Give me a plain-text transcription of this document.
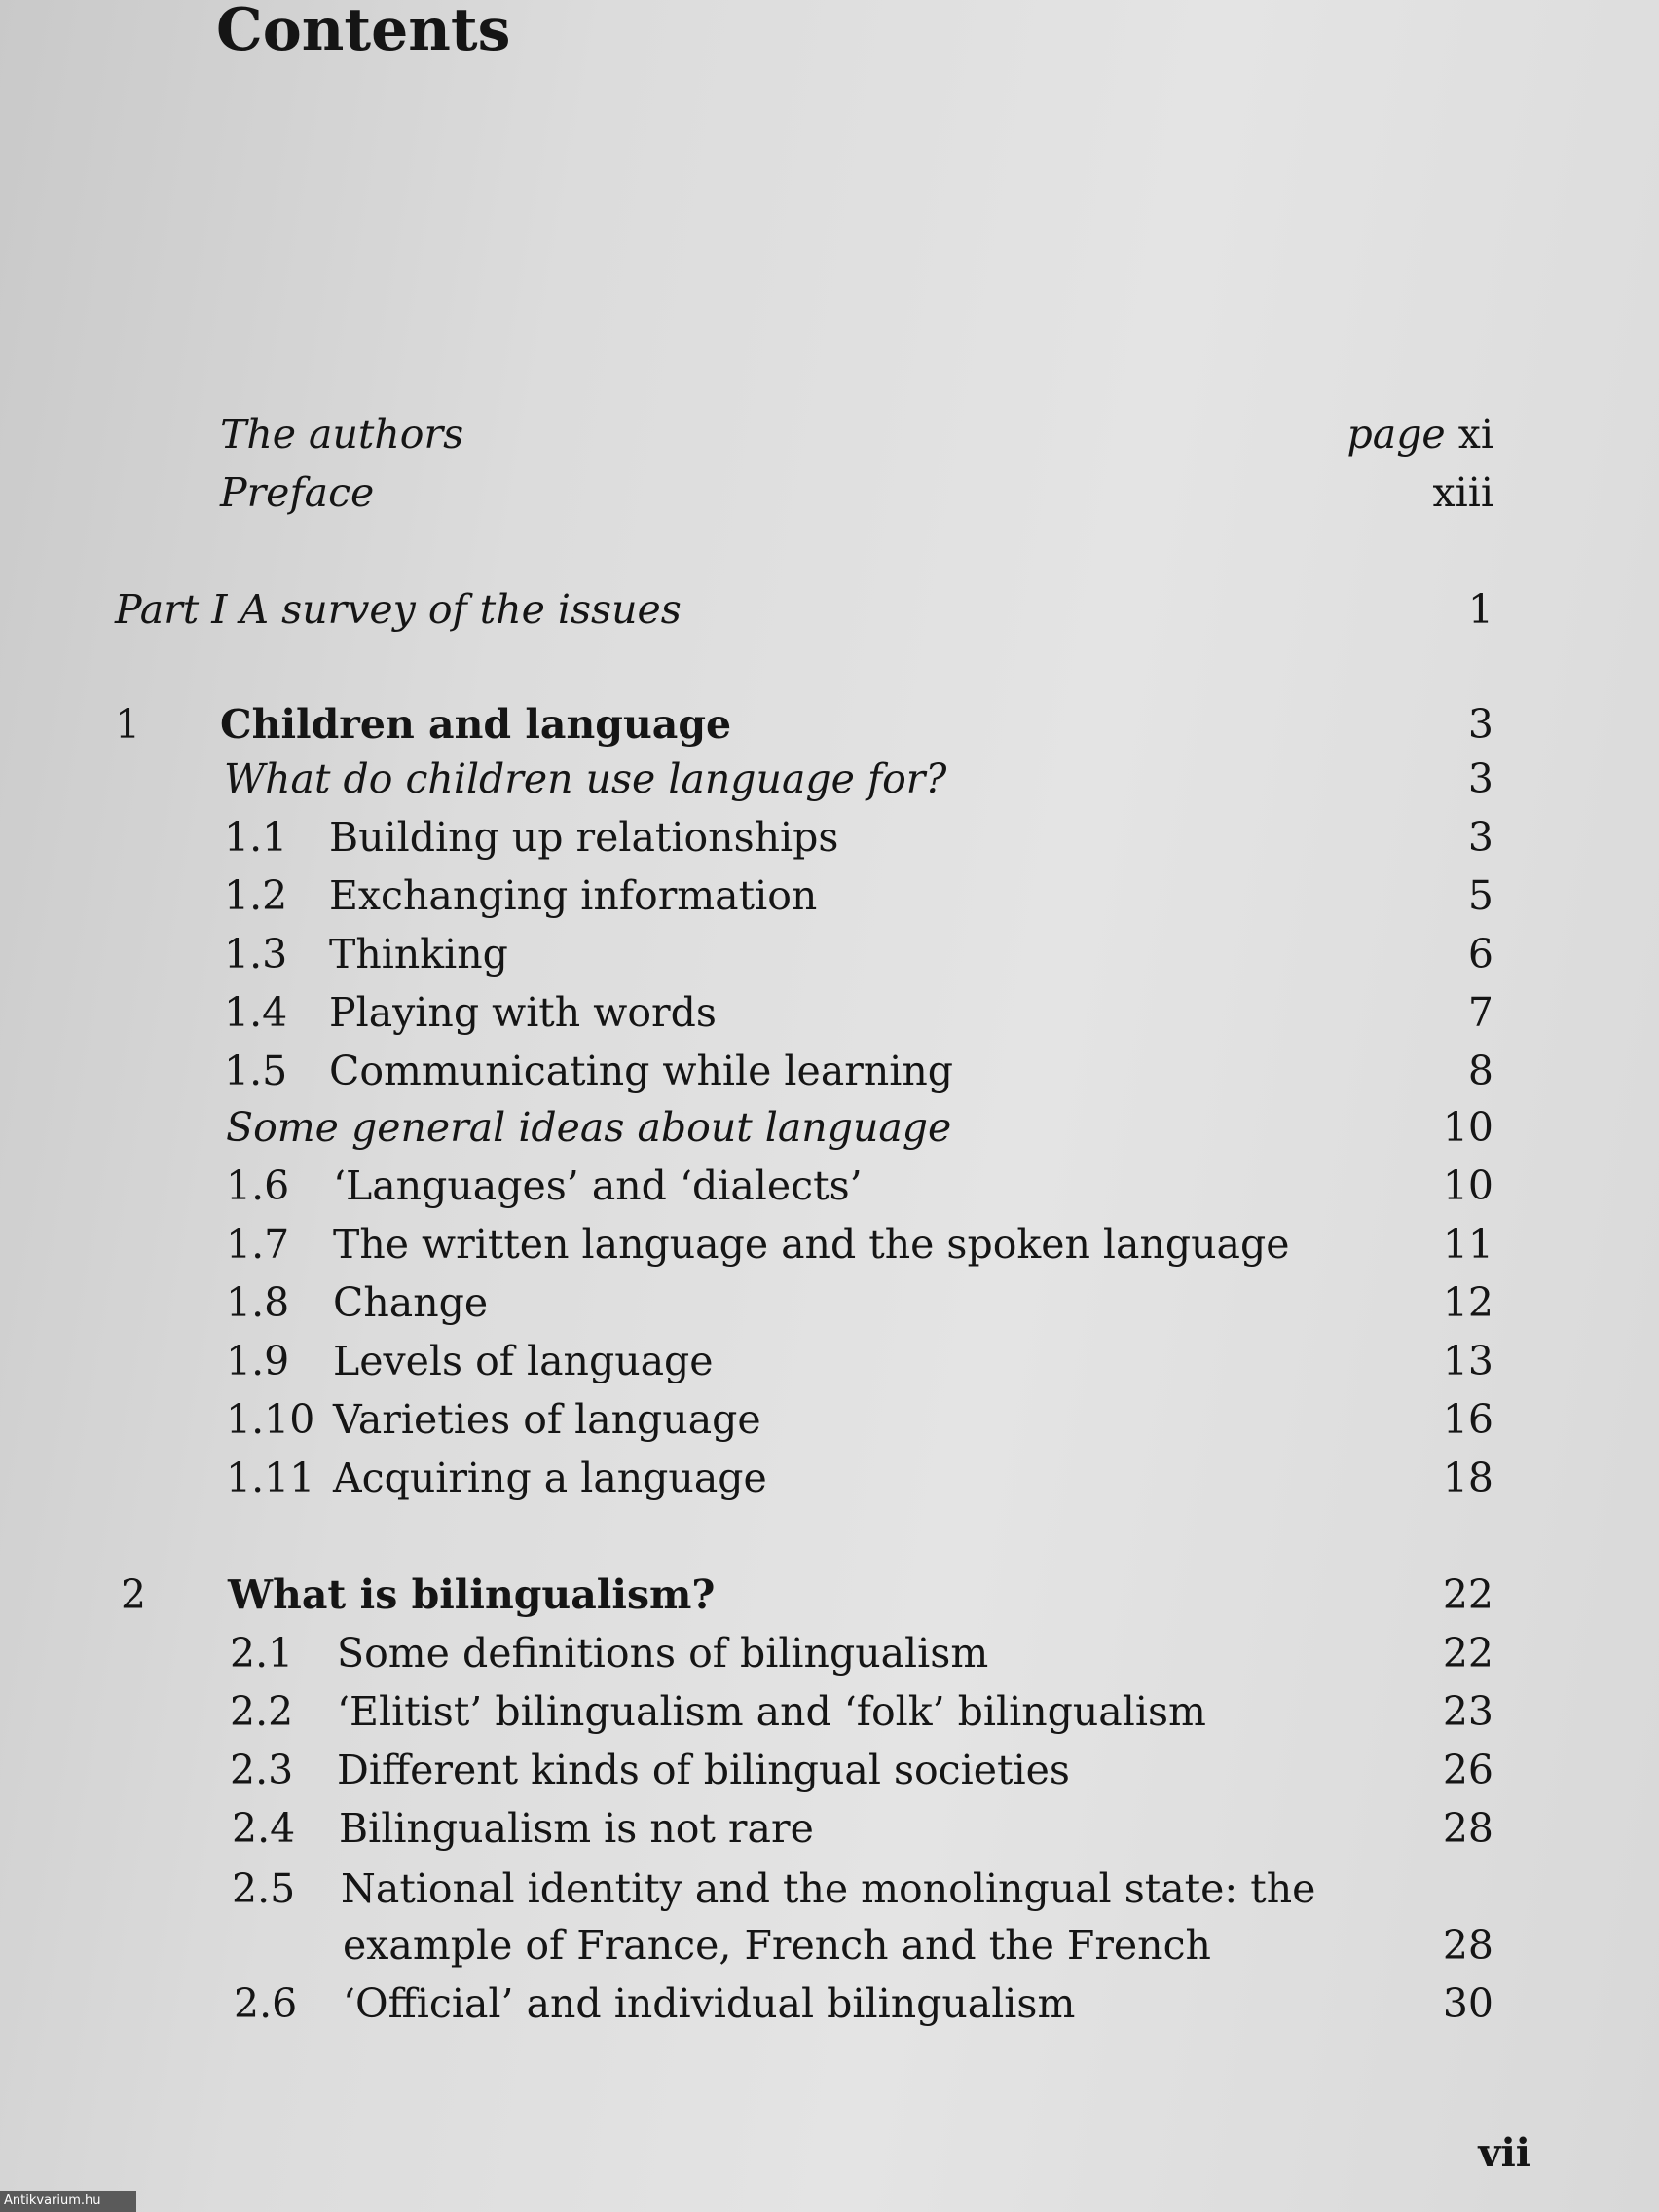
Contents
The authors	page xi
Preface	xiii
Part I A survey of the issues	1
1 Children and language	3
What do children use language for?	3
1.1 Building up relationships	3
1.2 Exchanging information	5
1.3 Thinking	6
1.4 Playing with words	7
1.5 Communicating while learning	8
Some general ideas about language	10
1.6 ‘Languages’ and ‘dialects’	10
1.7 The written language and the spoken language	11
1.8 Change	12
1.9 Levels of language	13
1.10 Varieties of language	16
1.11 Acquiring a language	18
2 What is bilingualism?	22
2.1 Some definitions of bilingualism	22
2.2 ‘Elitist’ bilingualism and ‘folk’ bilingualism	23
2.3 Different kinds of bilingual societies	26
2.4 Bilingualism is not rare	28
2.5 National identity and the monolingual state: the
example of France, French and the French	28
2.6 ‘Official’ and individual bilingualism	30
vii
Antikvarium.hu
